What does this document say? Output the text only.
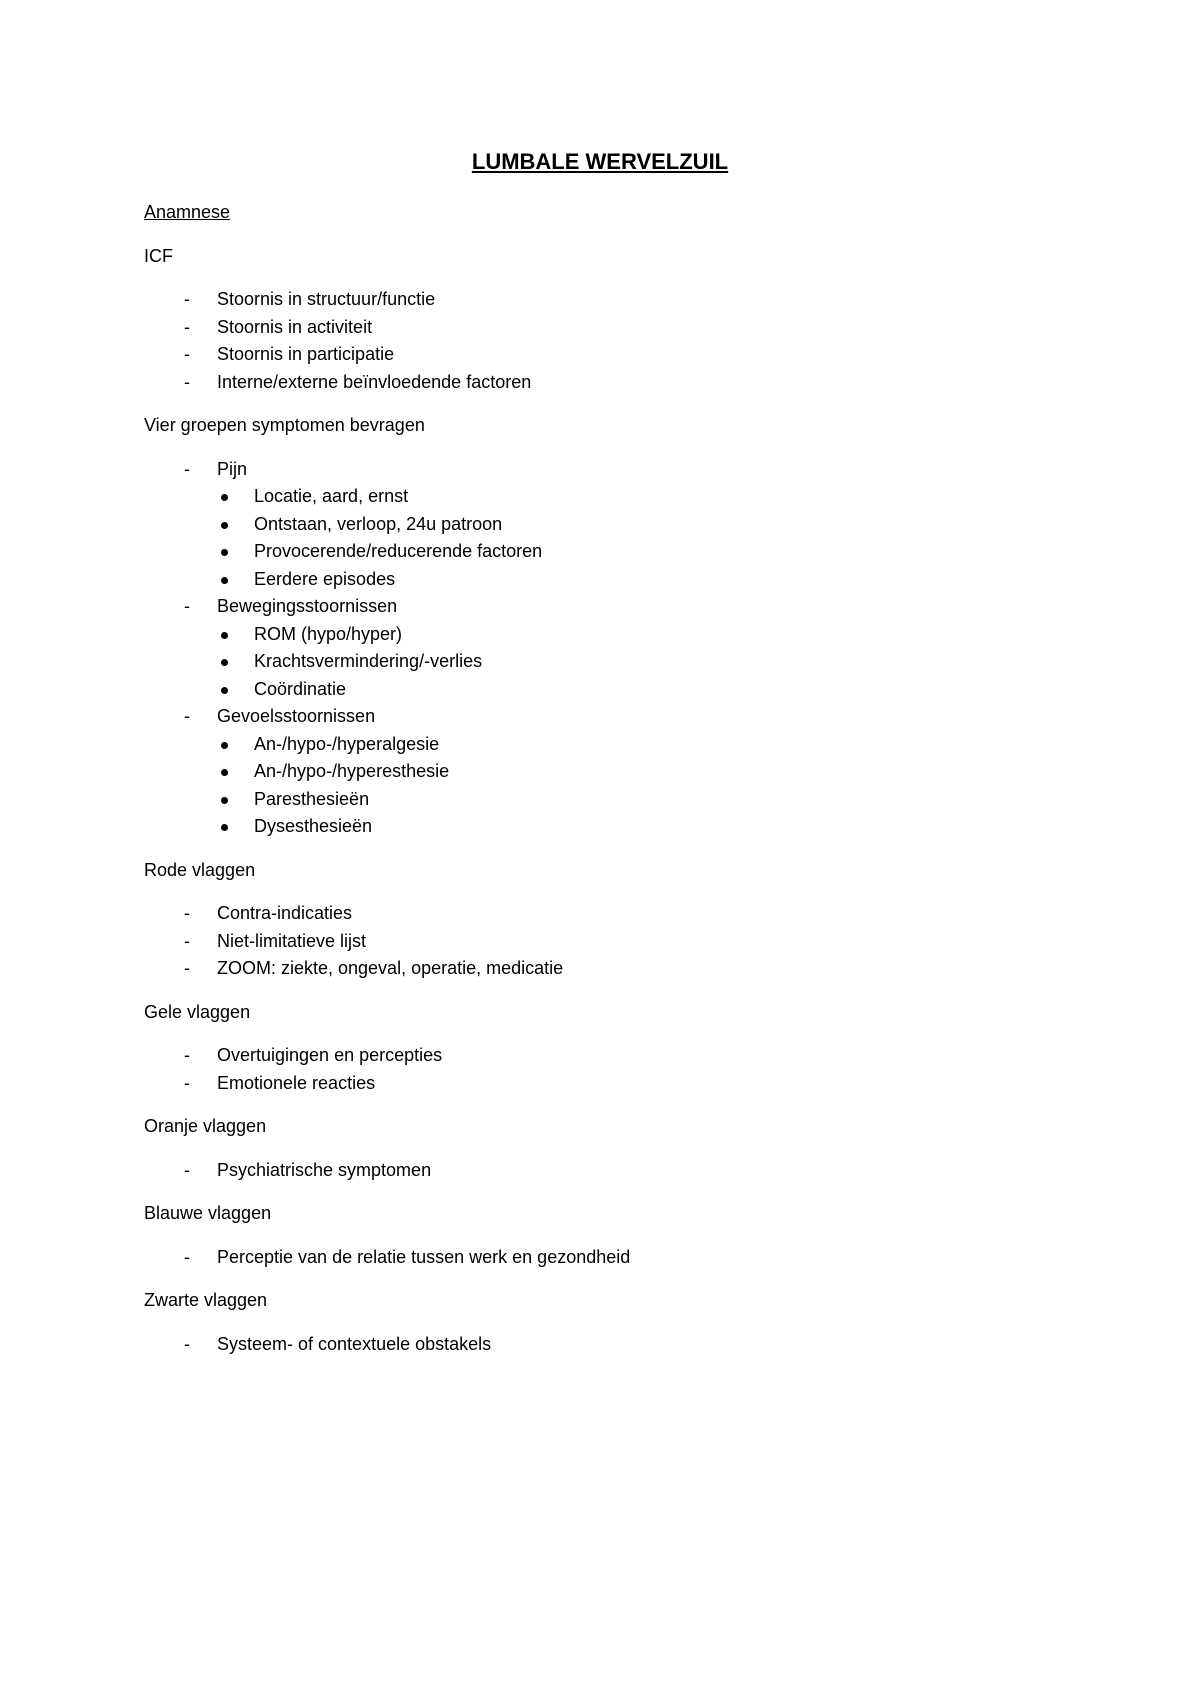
LUMBALE WERVELZUIL
Anamnese
ICF
- Stoornis in structuur/functie
- Stoornis in activiteit
- Stoornis in participatie
- Interne/externe beïnvloedende factoren
Vier groepen symptomen bevragen
- Pijn
Locatie, aard, ernst
Ontstaan, verloop, 24u patroon
Provocerende/reducerende factoren
Eerdere episodes
- Bewegingsstoornissen
ROM (hypo/hyper)
Krachtsvermindering/-verlies
Coördinatie
- Gevoelsstoornissen
An-/hypo-/hyperalgesie
An-/hypo-/hyperesthesie
Paresthesieën
Dysesthesieën
Rode vlaggen
- Contra-indicaties
- Niet-limitatieve lijst
- ZOOM: ziekte, ongeval, operatie, medicatie
Gele vlaggen
- Overtuigingen en percepties
- Emotionele reacties
Oranje vlaggen
- Psychiatrische symptomen
Blauwe vlaggen
- Perceptie van de relatie tussen werk en gezondheid
Zwarte vlaggen
- Systeem- of contextuele obstakels
